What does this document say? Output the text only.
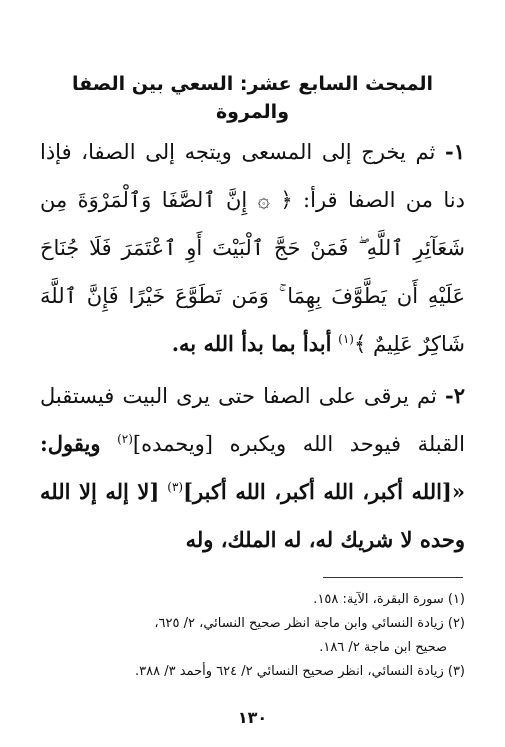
المبحث السابع عشر: السعي بين الصفا والمروة
١- ثم يخرج إلى المسعى ويتجه إلى الصفا، فإذا دنا من الصفا قرأ: ﴿ ۞ إِنَّ ٱلصَّفَا وَٱلْمَرْوَةَ مِن شَعَآئِرِ ٱللَّهِ ۖ فَمَنْ حَجَّ ٱلْبَيْتَ أَوِ ٱعْتَمَرَ فَلَا جُنَاحَ عَلَيْهِ أَن يَطَّوَّفَ بِهِمَا ۚ وَمَن تَطَوَّعَ خَيْرًا فَإِنَّ ٱللَّهَ شَاكِرٌ عَلِيمٌ ﴾$^{(١)}$ أبدأ بما بدأ الله به.
٢- ثم يرقى على الصفا حتى يرى البيت فيستقبل القبلة فيوحد الله ويكبره [ويحمده]$^{(٢)}$ ويقول: «[الله أكبر، الله أكبر، الله أكبر]$^{(٣)}$ [لا إله إلا الله وحده لا شريك له، له الملك، وله

(١) سورة البقرة، الآية: ١٥٨.

(٢) زيادة النسائي وابن ماجة انظر صحيح النسائي، ٢/ ٦٢٥،

صحيح ابن ماجة ٢/ ١٨٦.

(٣) زيادة النسائي، انظر صحيح النسائي ٢/ ٦٢٤ وأحمد ٣/ ٣٨٨.

١٣٠
